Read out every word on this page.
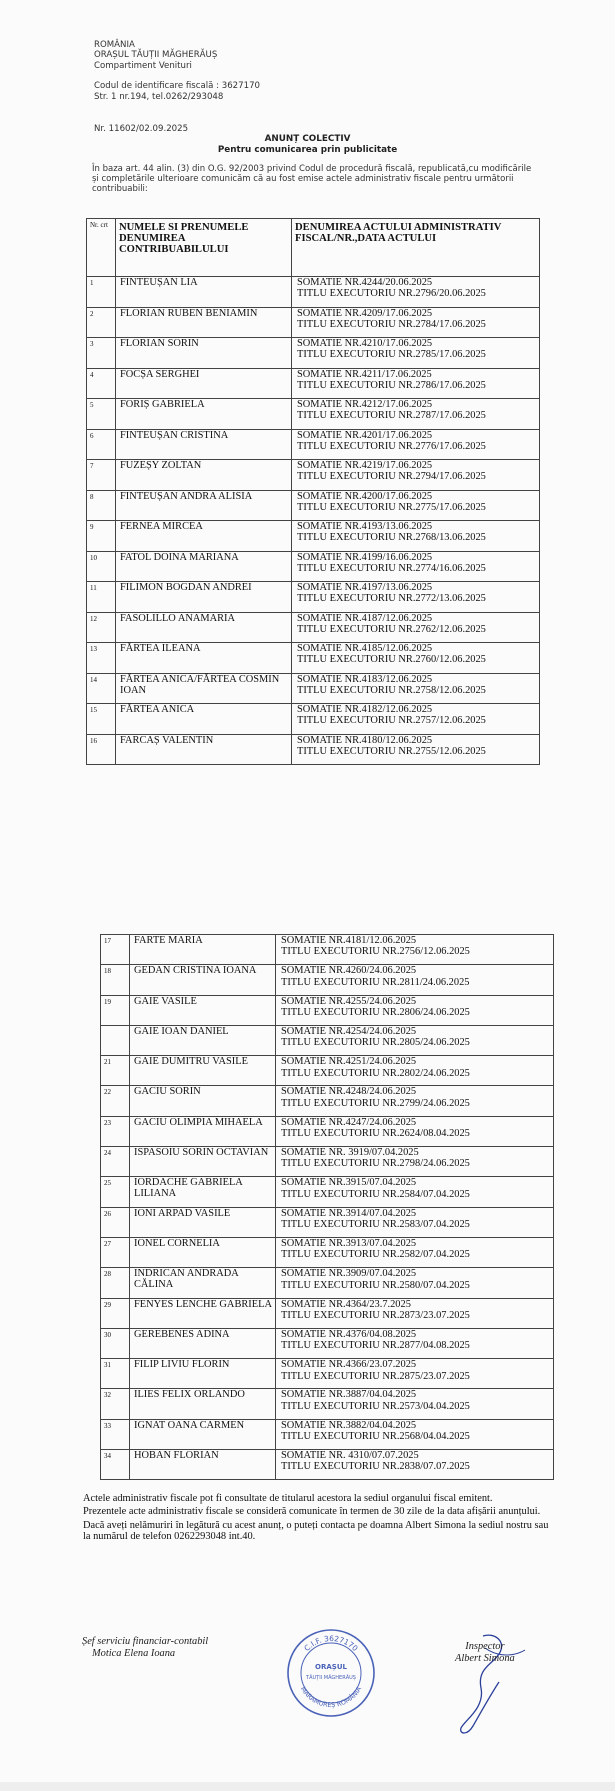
ROMÂNIA
ORAȘUL TĂUȚII MĂGHERĂUȘ
Compartiment Venituri
Codul de identificare fiscală : 3627170
Str. 1 nr.194, tel.0262/293048
Nr. 11602/02.09.2025
ANUNȚ COLECTIV
Pentru comunicarea prin publicitate
În baza art. 44 alin. (3) din O.G. 92/2003 privind Codul de procedură fiscală, republicată,cu modificările și completările ulterioare comunicăm că au fost emise actele administrativ fiscale pentru următorii contribuabili:
Nr. crt	NUMELE SI PRENUMELE DENUMIREA CONTRIBUABILULUI	DENUMIREA ACTULUI ADMINISTRATIV FISCAL/NR.,DATA ACTULUI
1	FINTEUȘAN LIA	SOMATIE NR.4244/20.06.2025
TITLU EXECUTORIU NR.2796/20.06.2025

2	FLORIAN RUBEN BENIAMIN	SOMATIE NR.4209/17.06.2025
TITLU EXECUTORIU NR.2784/17.06.2025

3	FLORIAN SORIN	SOMATIE NR.4210/17.06.2025
TITLU EXECUTORIU NR.2785/17.06.2025

4	FOCȘA SERGHEI	SOMATIE NR.4211/17.06.2025
TITLU EXECUTORIU NR.2786/17.06.2025

5	FORIȘ GABRIELA	SOMATIE NR.4212/17.06.2025
TITLU EXECUTORIU NR.2787/17.06.2025

6	FINTEUȘAN CRISTINA	SOMATIE NR.4201/17.06.2025
TITLU EXECUTORIU NR.2776/17.06.2025

7	FUZEȘY ZOLTAN	SOMATIE NR.4219/17.06.2025
TITLU EXECUTORIU NR.2794/17.06.2025

8	FINTEUȘAN ANDRA ALISIA	SOMATIE NR.4200/17.06.2025
TITLU EXECUTORIU NR.2775/17.06.2025

9	FERNEA MIRCEA	SOMATIE NR.4193/13.06.2025
TITLU EXECUTORIU NR.2768/13.06.2025

10	FATOL DOINA MARIANA	SOMATIE NR.4199/16.06.2025
TITLU EXECUTORIU NR.2774/16.06.2025

11	FILIMON BOGDAN ANDREI	SOMATIE NR.4197/13.06.2025
TITLU EXECUTORIU NR.2772/13.06.2025

12	FASOLILLO ANAMARIA	SOMATIE NR.4187/12.06.2025
TITLU EXECUTORIU NR.2762/12.06.2025

13	FĂRTEA ILEANA	SOMATIE NR.4185/12.06.2025
TITLU EXECUTORIU NR.2760/12.06.2025

14	FĂRTEA ANICA/FĂRTEA COSMIN IOAN	SOMATIE NR.4183/12.06.2025
TITLU EXECUTORIU NR.2758/12.06.2025

15	FĂRTEA ANICA	SOMATIE NR.4182/12.06.2025
TITLU EXECUTORIU NR.2757/12.06.2025

16	FARCAȘ VALENTIN	SOMATIE NR.4180/12.06.2025
TITLU EXECUTORIU NR.2755/12.06.2025
17	FARTE MARIA	SOMATIE NR.4181/12.06.2025
TITLU EXECUTORIU NR.2756/12.06.2025

18	GEDAN CRISTINA IOANA	SOMATIE NR.4260/24.06.2025
TITLU EXECUTORIU NR.2811/24.06.2025

19	GAIE VASILE	SOMATIE NR.4255/24.06.2025
TITLU EXECUTORIU NR.2806/24.06.2025

	GAIE IOAN DANIEL	SOMATIE NR.4254/24.06.2025
TITLU EXECUTORIU NR.2805/24.06.2025

21	GAIE DUMITRU VASILE	SOMATIE NR.4251/24.06.2025
TITLU EXECUTORIU NR.2802/24.06.2025

22	GACIU SORIN	SOMATIE NR.4248/24.06.2025
TITLU EXECUTORIU NR.2799/24.06.2025

23	GACIU OLIMPIA MIHAELA	SOMATIE NR.4247/24.06.2025
TITLU EXECUTORIU NR.2624/08.04.2025

24	ISPASOIU SORIN OCTAVIAN	SOMATIE NR. 3919/07.04.2025
TITLU EXECUTORIU NR.2798/24.06.2025

25	IORDACHE GABRIELA LILIANA	SOMATIE NR.3915/07.04.2025
TITLU EXECUTORIU NR.2584/07.04.2025

26	IONI ARPAD VASILE	SOMATIE NR.3914/07.04.2025
TITLU EXECUTORIU NR.2583/07.04.2025

27	IONEL CORNELIA	SOMATIE NR.3913/07.04.2025
TITLU EXECUTORIU NR.2582/07.04.2025

28	INDRICAN ANDRADA CĂLINA	SOMATIE NR.3909/07.04.2025
TITLU EXECUTORIU NR.2580/07.04.2025

29	FENYES LENCHE GABRIELA	SOMATIE NR.4364/23.7.2025
TITLU EXECUTORIU NR.2873/23.07.2025

30	GEREBENES ADINA	SOMATIE NR.4376/04.08.2025
TITLU EXECUTORIU NR.2877/04.08.2025

31	FILIP LIVIU FLORIN	SOMATIE NR.4366/23.07.2025
TITLU EXECUTORIU NR.2875/23.07.2025

32	ILIES FELIX ORLANDO	SOMATIE NR.3887/04.04.2025
TITLU EXECUTORIU NR.2573/04.04.2025

33	IGNAT OANA CARMEN	SOMATIE NR.3882/04.04.2025
TITLU EXECUTORIU NR.2568/04.04.2025

34	HOBAN FLORIAN	SOMATIE NR. 4310/07.07.2025
TITLU EXECUTORIU NR.2838/07.07.2025

Actele administrativ fiscale pot fi consultate de titularul acestora la sediul organului fiscal emitent.

Prezentele acte administrativ fiscale se consideră comunicate în termen de 30 zile de la data afișării anunțului.

Dacă aveți nelămuriri în legătură cu acest anunț, o puteți contacta pe doamna Albert Simona la sediul nostru sau la numărul de telefon 0262293048 int.40.

Șef serviciu financiar-contabil
Motica Elena Ioana
C.I.F. 3627170
ORAȘUL
TĂUȚII MĂGHERĂUȘ
MARAMUREȘ ROMÂNIA
Inspector
Albert Simona
